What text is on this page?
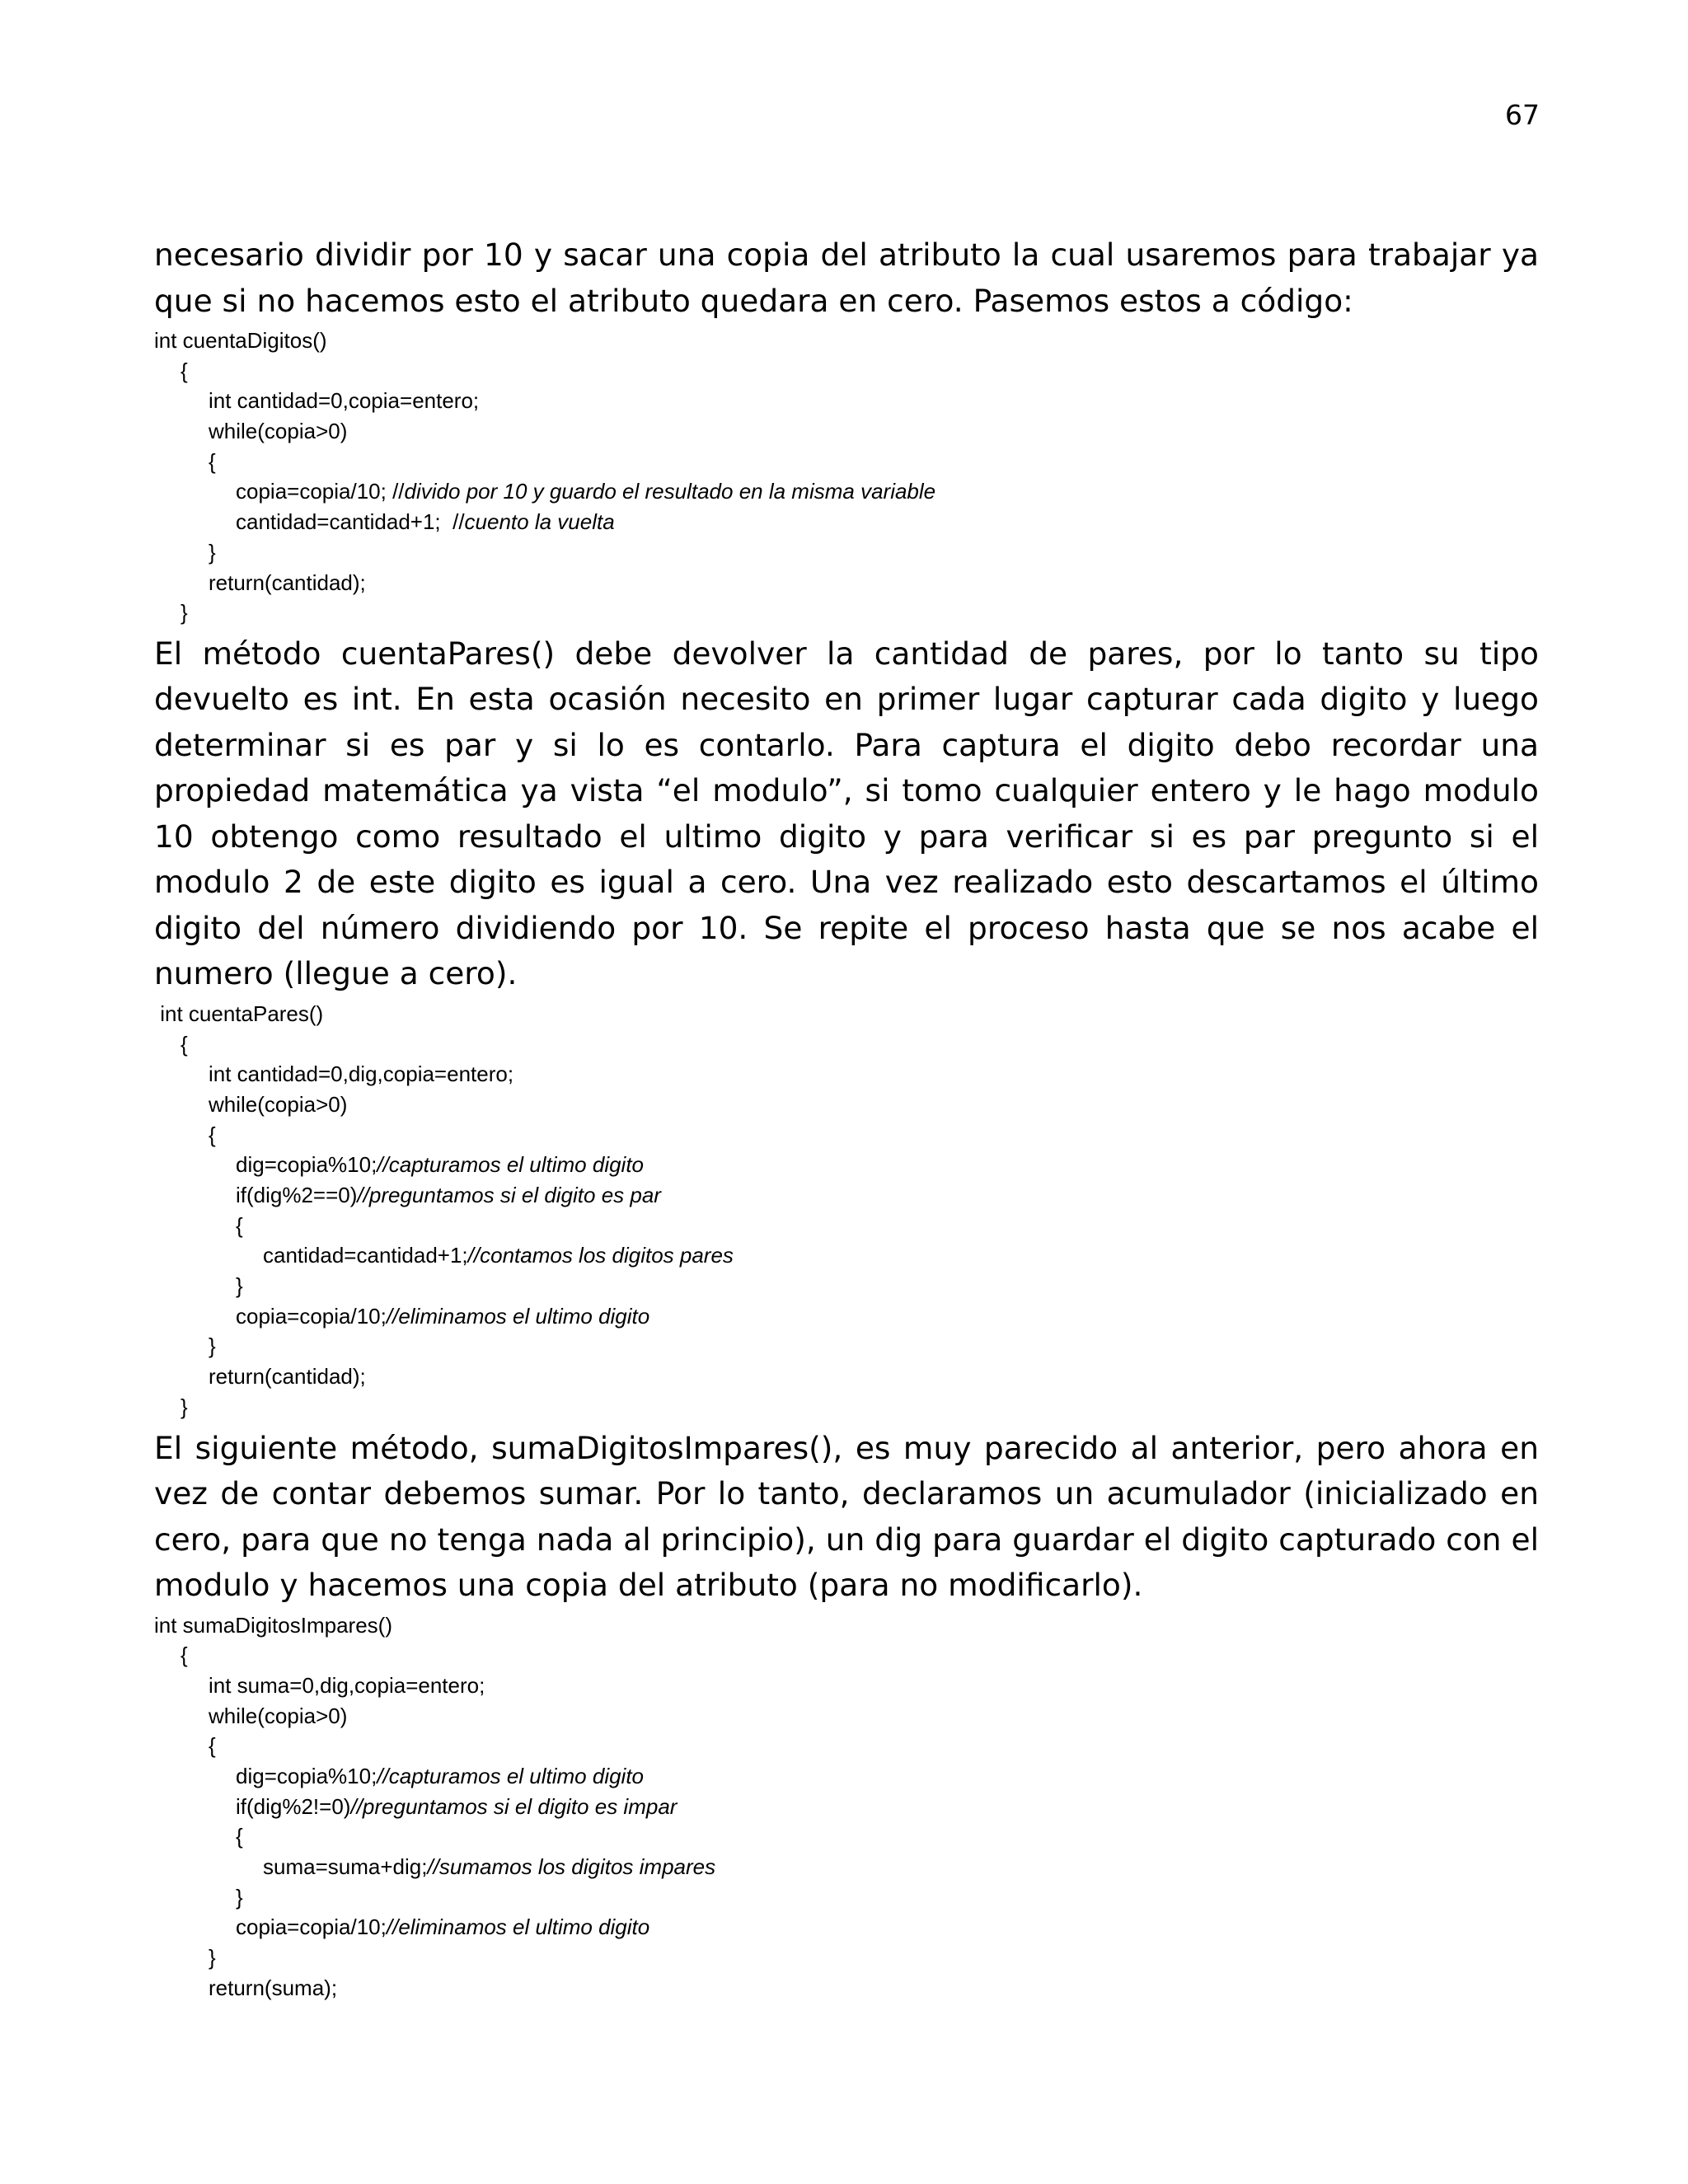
67

necesario dividir por 10 y sacar una copia del atributo la cual usaremos para trabajar ya que si no hacemos esto el atributo quedara en cero. Pasemos estos a código:

int cuentaDigitos()
{
int cantidad=0,copia=entero;
while(copia>0)
{
copia=copia/10; //divido por 10 y guardo el resultado en la misma variable
cantidad=cantidad+1;  //cuento la vuelta
}
return(cantidad);
}

El método cuentaPares() debe devolver la cantidad de pares, por lo tanto su tipo devuelto es int. En esta ocasión necesito en primer lugar capturar cada digito y luego determinar si es par y si lo es contarlo. Para captura el digito debo recordar una propiedad matemática ya vista “el modulo”, si tomo cualquier entero y le hago modulo 10 obtengo como resultado el ultimo digito y para verificar si es par pregunto si el modulo 2 de este digito es igual a cero. Una vez realizado esto descartamos el último digito del número dividiendo por 10. Se repite el proceso hasta que se nos acabe el numero (llegue a cero).

int cuentaPares()
{
int cantidad=0,dig,copia=entero;
while(copia>0)
{
dig=copia%10;//capturamos el ultimo digito
if(dig%2==0)//preguntamos si el digito es par
{
cantidad=cantidad+1;//contamos los digitos pares
}
copia=copia/10;//eliminamos el ultimo digito
}
return(cantidad);
}

El siguiente método, sumaDigitosImpares(), es muy parecido al anterior, pero ahora en vez de contar debemos sumar. Por lo tanto, declaramos un acumulador (inicializado en cero, para que no tenga nada al principio), un dig para guardar el digito capturado con el modulo y hacemos una copia del atributo (para no modificarlo).

int sumaDigitosImpares()
{
int suma=0,dig,copia=entero;
while(copia>0)
{
dig=copia%10;//capturamos el ultimo digito
if(dig%2!=0)//preguntamos si el digito es impar
{
suma=suma+dig;//sumamos los digitos impares
}
copia=copia/10;//eliminamos el ultimo digito
}
return(suma);
